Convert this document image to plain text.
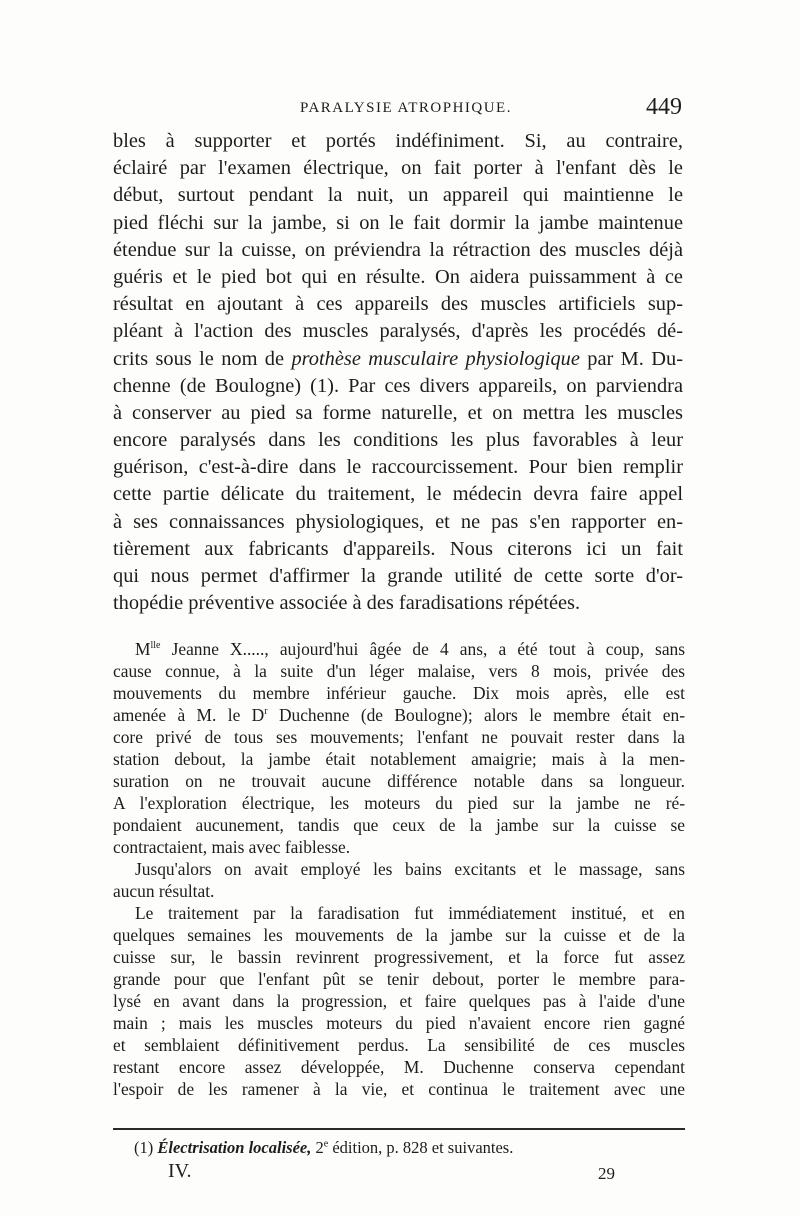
PARALYSIE ATROPHIQUE.	449
bles à supporter et portés indéfiniment. Si, au contraire,
éclairé par l'examen électrique, on fait porter à l'enfant dès le
début, surtout pendant la nuit, un appareil qui maintienne le
pied fléchi sur la jambe, si on le fait dormir la jambe maintenue
étendue sur la cuisse, on préviendra la rétraction des muscles déjà
guéris et le pied bot qui en résulte. On aidera puissamment à ce
résultat en ajoutant à ces appareils des muscles artificiels sup-
pléant à l'action des muscles paralysés, d'après les procédés dé-
crits sous le nom de prothèse musculaire physiologique par M. Du-
chenne (de Boulogne) (1). Par ces divers appareils, on parviendra
à conserver au pied sa forme naturelle, et on mettra les muscles
encore paralysés dans les conditions les plus favorables à leur
guérison, c'est-à-dire dans le raccourcissement. Pour bien remplir
cette partie délicate du traitement, le médecin devra faire appel
à ses connaissances physiologiques, et ne pas s'en rapporter en-
tièrement aux fabricants d'appareils. Nous citerons ici un fait
qui nous permet d'affirmer la grande utilité de cette sorte d'or-
thopédie préventive associée à des faradisations répétées.
$M^{lle}$ Jeanne X....., aujourd'hui âgée de 4 ans, a été tout à coup, sans
cause connue, à la suite d'un léger malaise, vers 8 mois, privée des
mouvements du membre inférieur gauche. Dix mois après, elle est
amenée à M. le $D^r$ Duchenne (de Boulogne); alors le membre était en-
core privé de tous ses mouvements; l'enfant ne pouvait rester dans la
station debout, la jambe était notablement amaigrie; mais à la men-
suration on ne trouvait aucune différence notable dans sa longueur.
A l'exploration électrique, les moteurs du pied sur la jambe ne ré-
pondaient aucunement, tandis que ceux de la jambe sur la cuisse se
contractaient, mais avec faiblesse.
Jusqu'alors on avait employé les bains excitants et le massage, sans
aucun résultat.
Le traitement par la faradisation fut immédiatement institué, et en
quelques semaines les mouvements de la jambe sur la cuisse et de la
cuisse sur, le bassin revinrent progressivement, et la force fut assez
grande pour que l'enfant pût se tenir debout, porter le membre para-
lysé en avant dans la progression, et faire quelques pas à l'aide d'une
main ; mais les muscles moteurs du pied n'avaient encore rien gagné
et semblaient définitivement perdus. La sensibilité de ces muscles
restant encore assez développée, M. Duchenne conserva cependant
l'espoir de les ramener à la vie, et continua le traitement avec une
(1) Électrisation localisée, 2e édition, p. 828 et suivantes.
IV.	29
